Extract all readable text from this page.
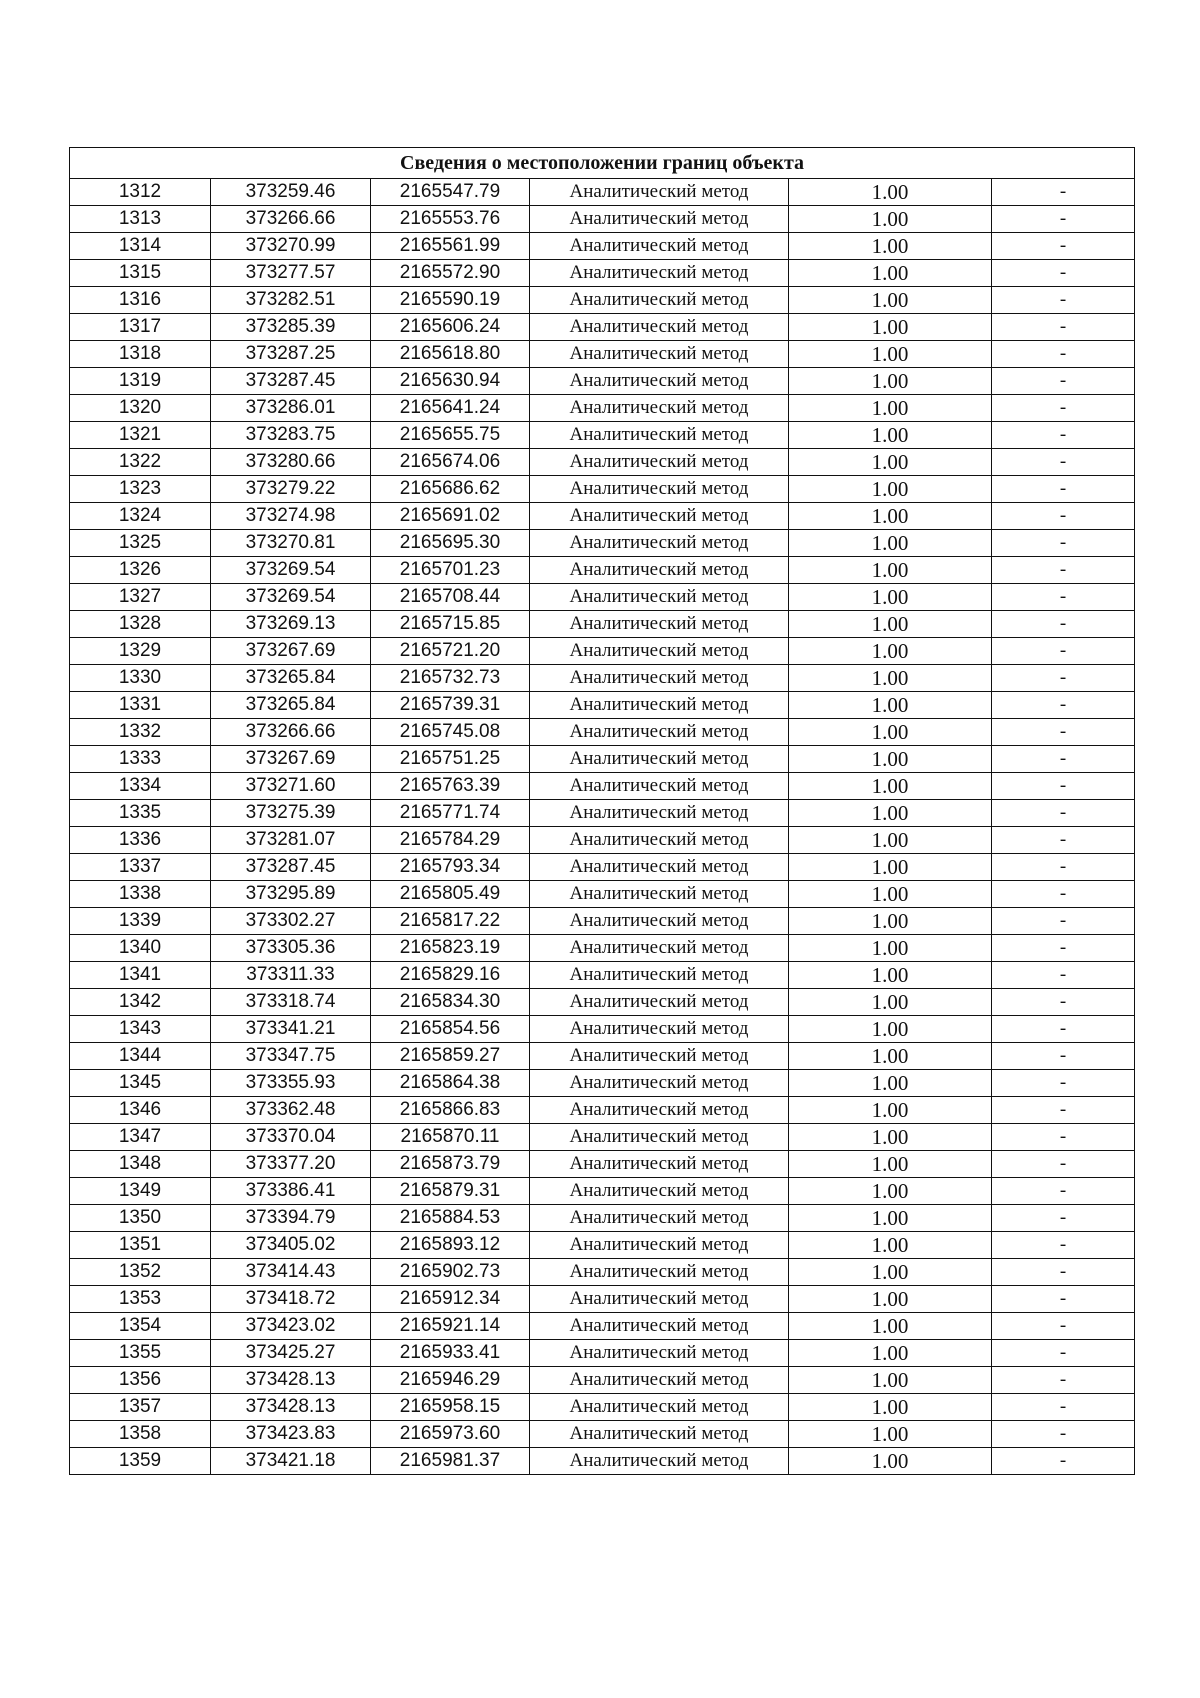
Сведения о местоположении границ объекта					
1312	373259.46	2165547.79	Аналитический метод	1.00	-
1313	373266.66	2165553.76	Аналитический метод	1.00	-
1314	373270.99	2165561.99	Аналитический метод	1.00	-
1315	373277.57	2165572.90	Аналитический метод	1.00	-
1316	373282.51	2165590.19	Аналитический метод	1.00	-
1317	373285.39	2165606.24	Аналитический метод	1.00	-
1318	373287.25	2165618.80	Аналитический метод	1.00	-
1319	373287.45	2165630.94	Аналитический метод	1.00	-
1320	373286.01	2165641.24	Аналитический метод	1.00	-
1321	373283.75	2165655.75	Аналитический метод	1.00	-
1322	373280.66	2165674.06	Аналитический метод	1.00	-
1323	373279.22	2165686.62	Аналитический метод	1.00	-
1324	373274.98	2165691.02	Аналитический метод	1.00	-
1325	373270.81	2165695.30	Аналитический метод	1.00	-
1326	373269.54	2165701.23	Аналитический метод	1.00	-
1327	373269.54	2165708.44	Аналитический метод	1.00	-
1328	373269.13	2165715.85	Аналитический метод	1.00	-
1329	373267.69	2165721.20	Аналитический метод	1.00	-
1330	373265.84	2165732.73	Аналитический метод	1.00	-
1331	373265.84	2165739.31	Аналитический метод	1.00	-
1332	373266.66	2165745.08	Аналитический метод	1.00	-
1333	373267.69	2165751.25	Аналитический метод	1.00	-
1334	373271.60	2165763.39	Аналитический метод	1.00	-
1335	373275.39	2165771.74	Аналитический метод	1.00	-
1336	373281.07	2165784.29	Аналитический метод	1.00	-
1337	373287.45	2165793.34	Аналитический метод	1.00	-
1338	373295.89	2165805.49	Аналитический метод	1.00	-
1339	373302.27	2165817.22	Аналитический метод	1.00	-
1340	373305.36	2165823.19	Аналитический метод	1.00	-
1341	373311.33	2165829.16	Аналитический метод	1.00	-
1342	373318.74	2165834.30	Аналитический метод	1.00	-
1343	373341.21	2165854.56	Аналитический метод	1.00	-
1344	373347.75	2165859.27	Аналитический метод	1.00	-
1345	373355.93	2165864.38	Аналитический метод	1.00	-
1346	373362.48	2165866.83	Аналитический метод	1.00	-
1347	373370.04	2165870.11	Аналитический метод	1.00	-
1348	373377.20	2165873.79	Аналитический метод	1.00	-
1349	373386.41	2165879.31	Аналитический метод	1.00	-
1350	373394.79	2165884.53	Аналитический метод	1.00	-
1351	373405.02	2165893.12	Аналитический метод	1.00	-
1352	373414.43	2165902.73	Аналитический метод	1.00	-
1353	373418.72	2165912.34	Аналитический метод	1.00	-
1354	373423.02	2165921.14	Аналитический метод	1.00	-
1355	373425.27	2165933.41	Аналитический метод	1.00	-
1356	373428.13	2165946.29	Аналитический метод	1.00	-
1357	373428.13	2165958.15	Аналитический метод	1.00	-
1358	373423.83	2165973.60	Аналитический метод	1.00	-
1359	373421.18	2165981.37	Аналитический метод	1.00	-
